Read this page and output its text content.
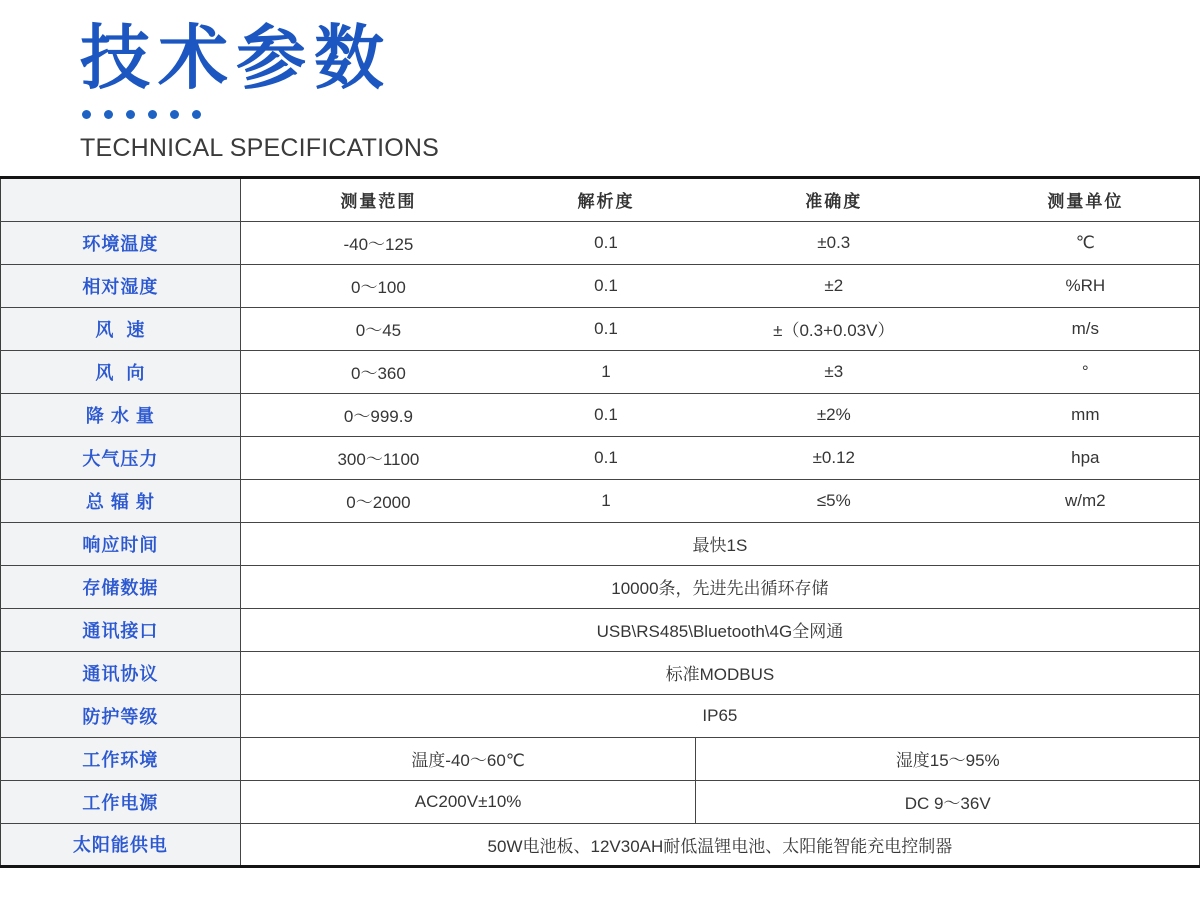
技术参数
TECHNICAL SPECIFICATIONS
	测量范围	解析度	准确度	测量单位
环境温度	-40～125	0.1	±0.3	℃
相对湿度	0～100	0.1	±2	%RH
风  速	0～45	0.1	±（0.3+0.03V）	m/s
风  向	0～360	1	±3	°
降 水 量	0～999.9	0.1	±2%	mm
大气压力	300～1100	0.1	±0.12	hpa
总 辐 射	0～2000	1	≤5%	w/m2
响应时间	最快1S			
存储数据	10000条，先进先出循环存储			
通讯接口	USB\RS485\Bluetooth\4G全网通			
通讯协议	标准MODBUS			
防护等级	IP65			
工作环境	温度-40～60℃		湿度15～95%	
工作电源	AC200V±10%		DC 9～36V	
太阳能供电	50W电池板、12V30AH耐低温锂电池、太阳能智能充电控制器			
